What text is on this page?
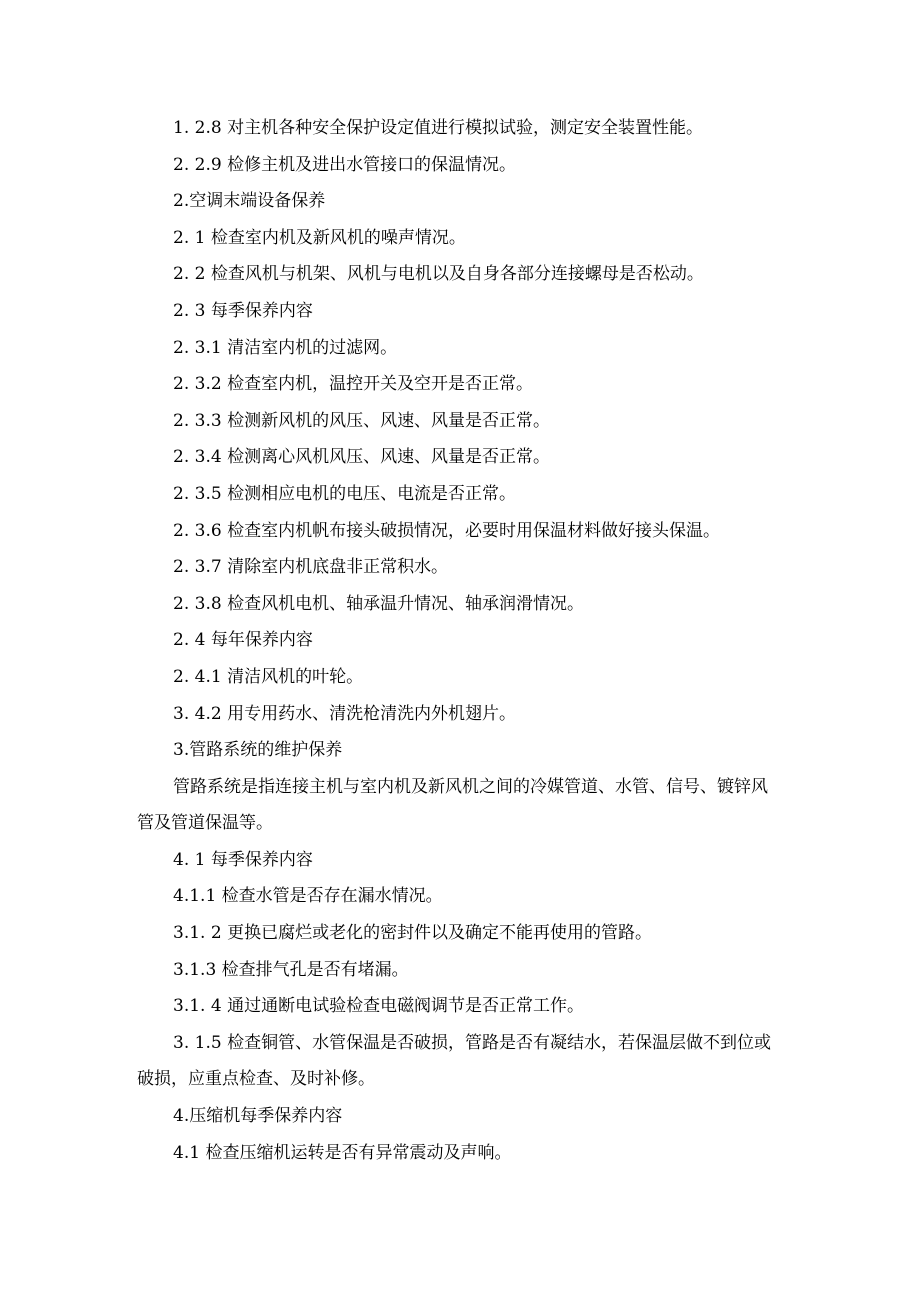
1. 2.8 对主机各种安全保护设定值进行模拟试验，测定安全装置性能。
2. 2.9 检修主机及进出水管接口的保温情况。
2.空调末端设备保养
2. 1 检查室内机及新风机的噪声情况。
2. 2 检查风机与机架、风机与电机以及自身各部分连接螺母是否松动。
2. 3 每季保养内容
2. 3.1 清洁室内机的过滤网。
2. 3.2 检查室内机，温控开关及空开是否正常。
2. 3.3 检测新风机的风压、风速、风量是否正常。
2. 3.4 检测离心风机风压、风速、风量是否正常。
2. 3.5 检测相应电机的电压、电流是否正常。
2. 3.6 检查室内机帆布接头破损情况，必要时用保温材料做好接头保温。
2. 3.7 清除室内机底盘非正常积水。
2. 3.8 检查风机电机、轴承温升情况、轴承润滑情况。
2. 4 每年保养内容
2. 4.1 清洁风机的叶轮。
3. 4.2 用专用药水、清洗枪清洗内外机翅片。
3.管路系统的维护保养
管路系统是指连接主机与室内机及新风机之间的冷媒管道、水管、信号、镀锌风管及管道保温等。
4. 1 每季保养内容
4.1.1 检查水管是否存在漏水情况。
3.1. 2 更换已腐烂或老化的密封件以及确定不能再使用的管路。
3.1.3 检查排气孔是否有堵漏。
3.1. 4 通过通断电试验检查电磁阀调节是否正常工作。
3. 1.5 检查铜管、水管保温是否破损，管路是否有凝结水，若保温层做不到位或破损，应重点检查、及时补修。
4.压缩机每季保养内容
4.1 检查压缩机运转是否有异常震动及声响。
